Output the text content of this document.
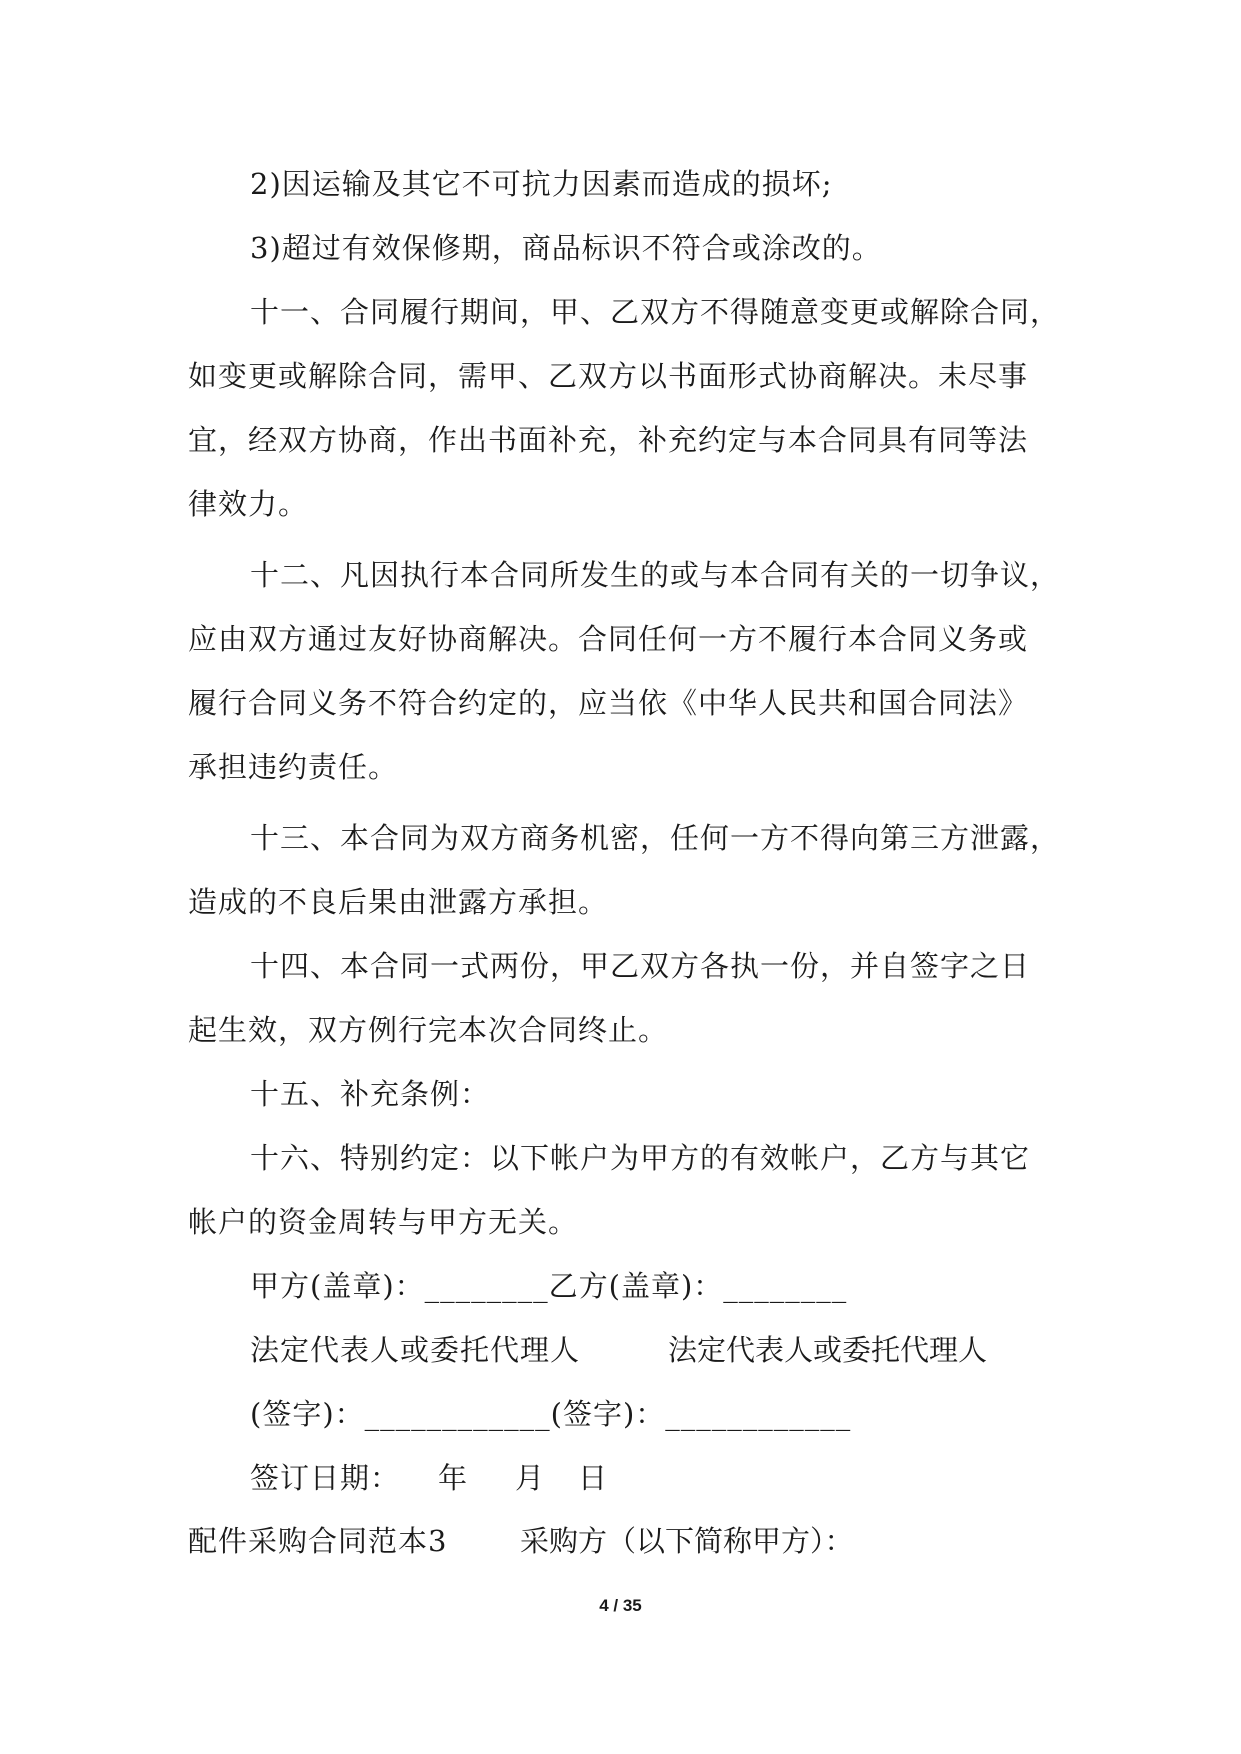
2)因运输及其它不可抗力因素而造成的损坏;
3)超过有效保修期，商品标识不符合或涂改的。
十一、合同履行期间，甲、乙双方不得随意变更或解除合同，
如变更或解除合同，需甲、乙双方以书面形式协商解决。未尽事
宜，经双方协商，作出书面补充，补充约定与本合同具有同等法
律效力。
十二、凡因执行本合同所发生的或与本合同有关的一切争议，
应由双方通过友好协商解决。合同任何一方不履行本合同义务或
履行合同义务不符合约定的，应当依《中华人民共和国合同法》
承担违约责任。
十三、本合同为双方商务机密，任何一方不得向第三方泄露，
造成的不良后果由泄露方承担。
十四、本合同一式两份，甲乙双方各执一份，并自签字之日
起生效，双方例行完本次合同终止。
十五、补充条例：
十六、特别约定：以下帐户为甲方的有效帐户，乙方与其它
帐户的资金周转与甲方无关。
甲方(盖章)：________乙方(盖章)：________
法定代表人或委托代理人	法定代表人或委托代理人
(签字)：____________(签字)：____________
签订日期： 年 月 日
配件采购合同范本3	采购方（以下简称甲方）：
4 / 35
